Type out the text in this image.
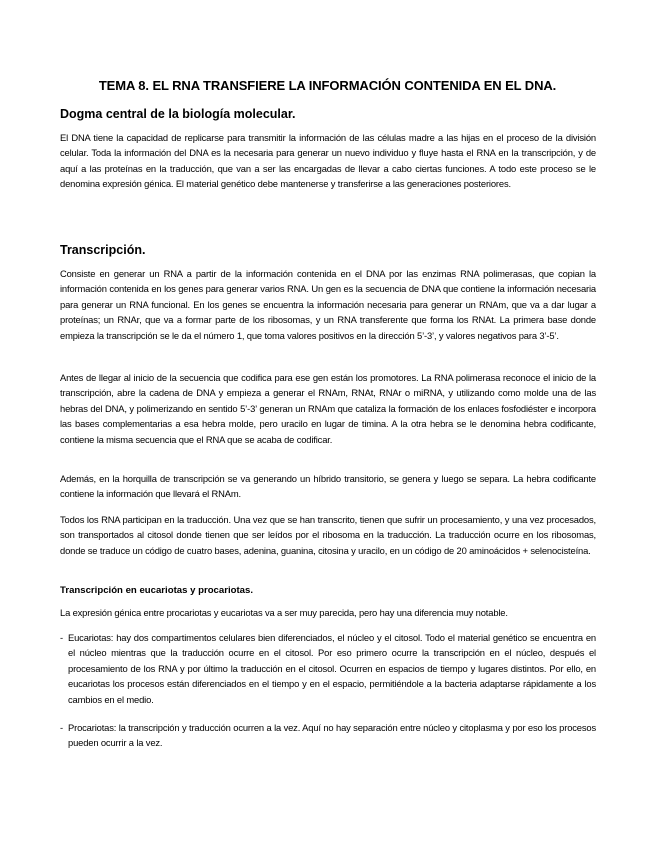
TEMA 8. EL RNA TRANSFIERE LA INFORMACIÓN CONTENIDA EN EL DNA.
Dogma central de la biología molecular.

El DNA tiene la capacidad de replicarse para transmitir la información de las células madre a las hijas en el proceso de la división celular. Toda la información del DNA es la necesaria para generar un nuevo individuo y fluye hasta el RNA en la transcripción, y de aquí a las proteínas en la traducción, que van a ser las encargadas de llevar a cabo ciertas funciones. A todo este proceso se le denomina expresión génica. El material genético debe mantenerse y transferirse a las generaciones posteriores.

Transcripción.

Consiste en generar un RNA a partir de la información contenida en el DNA por las enzimas RNA polimerasas, que copian la información contenida en los genes para generar varios RNA. Un gen es la secuencia de DNA que contiene la información necesaria para generar un RNA funcional. En los genes se encuentra la información necesaria para generar un RNAm, que va a dar lugar a proteínas; un RNAr, que va a formar parte de los ribosomas, y un RNA transferente que forma los RNAt. La primera base donde empieza la transcripción se le da el número 1, que toma valores positivos en la dirección 5’-3’, y valores negativos para 3’-5’.

Antes de llegar al inicio de la secuencia que codifica para ese gen están los promotores. La RNA polimerasa reconoce el inicio de la transcripción, abre la cadena de DNA y empieza a generar el RNAm, RNAt, RNAr o miRNA, y utilizando como molde una de las hebras del DNA, y polimerizando en sentido 5’-3’ generan un RNAm que cataliza la formación de los enlaces fosfodiéster e incorpora las bases complementarias a esa hebra molde, pero uracilo en lugar de timina. A la otra hebra se le denomina hebra codificante, contiene la misma secuencia que el RNA que se acaba de codificar.

Además, en la horquilla de transcripción se va generando un híbrido transitorio, se genera y luego se separa. La hebra codificante contiene la información que llevará el RNAm.

Todos los RNA participan en la traducción. Una vez que se han transcrito, tienen que sufrir un procesamiento, y una vez procesados, son transportados al citosol donde tienen que ser leídos por el ribosoma en la traducción. La traducción ocurre en los ribosomas, donde se traduce un código de cuatro bases, adenina, guanina, citosina y uracilo, en un código de 20 aminoácidos + selenocisteína.

Transcripción en eucariotas y procariotas.

La expresión génica entre procariotas y eucariotas va a ser muy parecida, pero hay una diferencia muy notable.

- Eucariotas: hay dos compartimentos celulares bien diferenciados, el núcleo y el citosol. Todo el material genético se encuentra en el núcleo mientras que la traducción ocurre en el citosol. Por eso primero ocurre la transcripción en el núcleo, después el procesamiento de los RNA y por último la traducción en el citosol. Ocurren en espacios de tiempo y lugares distintos. Por ello, en eucariotas los procesos están diferenciados en el tiempo y en el espacio, permitiéndole a la bacteria adaptarse rápidamente a los cambios en el medio.
- Procariotas: la transcripción y traducción ocurren a la vez. Aquí no hay separación entre núcleo y citoplasma y por eso los procesos pueden ocurrir a la vez.
